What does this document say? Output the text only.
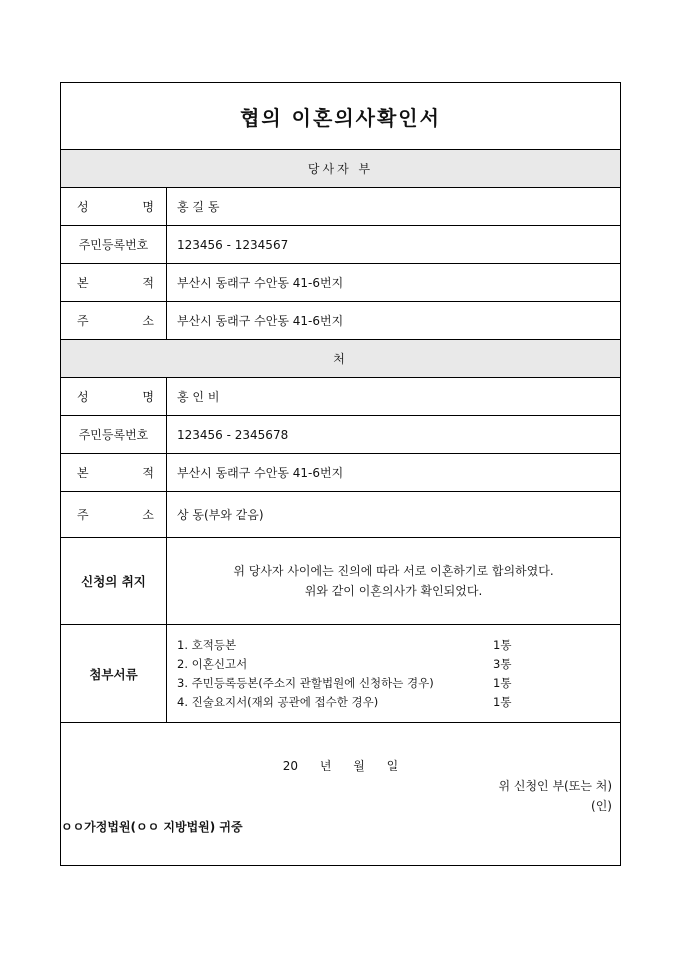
협의 이혼의사확인서
당사자 부
성	명	홍 길 동
주민등록번호	123456 - 1234567
본	적	부산시 동래구 수안동 41-6번지
주	소	부산시 동래구 수안동 41-6번지
처
성	명	홍 인 비
주민등록번호	123456 - 2345678
본	적	부산시 동래구 수안동 41-6번지
주	소	상 동(부와 같음)
신청의 취지
위 당사자 사이에는 진의에 따라 서로 이혼하기로 합의하였다.
위와 같이 이혼의사가 확인되었다.
첨부서류
1. 호적등본	1통
2. 이혼신고서	3통
3. 주민등록등본(주소지 관할법원에 신청하는 경우)	1통
4. 진술요지서(재외 공관에 접수한 경우)	1통
20 년 월 일
위 신청인 부(또는 처)
(인)
ㅇㅇ가정법원(ㅇㅇ 지방법원) 귀중
